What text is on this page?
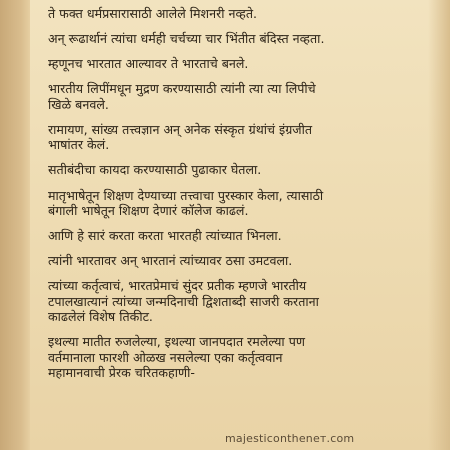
ते फक्त धर्मप्रसारासाठी आलेले मिशनरी नव्हते.

अन् रूढार्थानं त्यांचा धर्मही चर्चच्या चार भिंतीत बंदिस्त नव्हता.

म्हणूनच भारतात आल्यावर ते भारताचे बनले.

भारतीय लिपींमधून मुद्रण करण्यासाठी त्यांनी त्या त्या लिपीचे
खिळे बनवले.

रामायण, सांख्य तत्त्वज्ञान अन् अनेक संस्कृत ग्रंथांचं इंग्रजीत
भाषांतर केलं.

सतीबंदीचा कायदा करण्यासाठी पुढाकार घेतला.

मातृभाषेतून शिक्षण देण्याच्या तत्त्वाचा पुरस्कार केला, त्यासाठी
बंगाली भाषेतून शिक्षण देणारं कॉलेज काढलं.

आणि हे सारं करता करता भारतही त्यांच्यात भिनला.

त्यांनी भारतावर अन् भारतानं त्यांच्यावर ठसा उमटवला.

त्यांच्या कर्तृत्वाचं, भारतप्रेमाचं सुंदर प्रतीक म्हणजे भारतीय
टपालखात्यानं त्यांच्या जन्मदिनाची द्विशताब्दी साजरी करताना
काढलेलं विशेष तिकीट.

इथल्या मातीत रुजलेल्या, इथल्या जानपदात रमलेल्या पण
वर्तमानाला फारशी ओळख नसलेल्या एका कर्तृत्ववान
महामानवाची प्रेरक चरितकहाणी-

majesticontheneт.com
